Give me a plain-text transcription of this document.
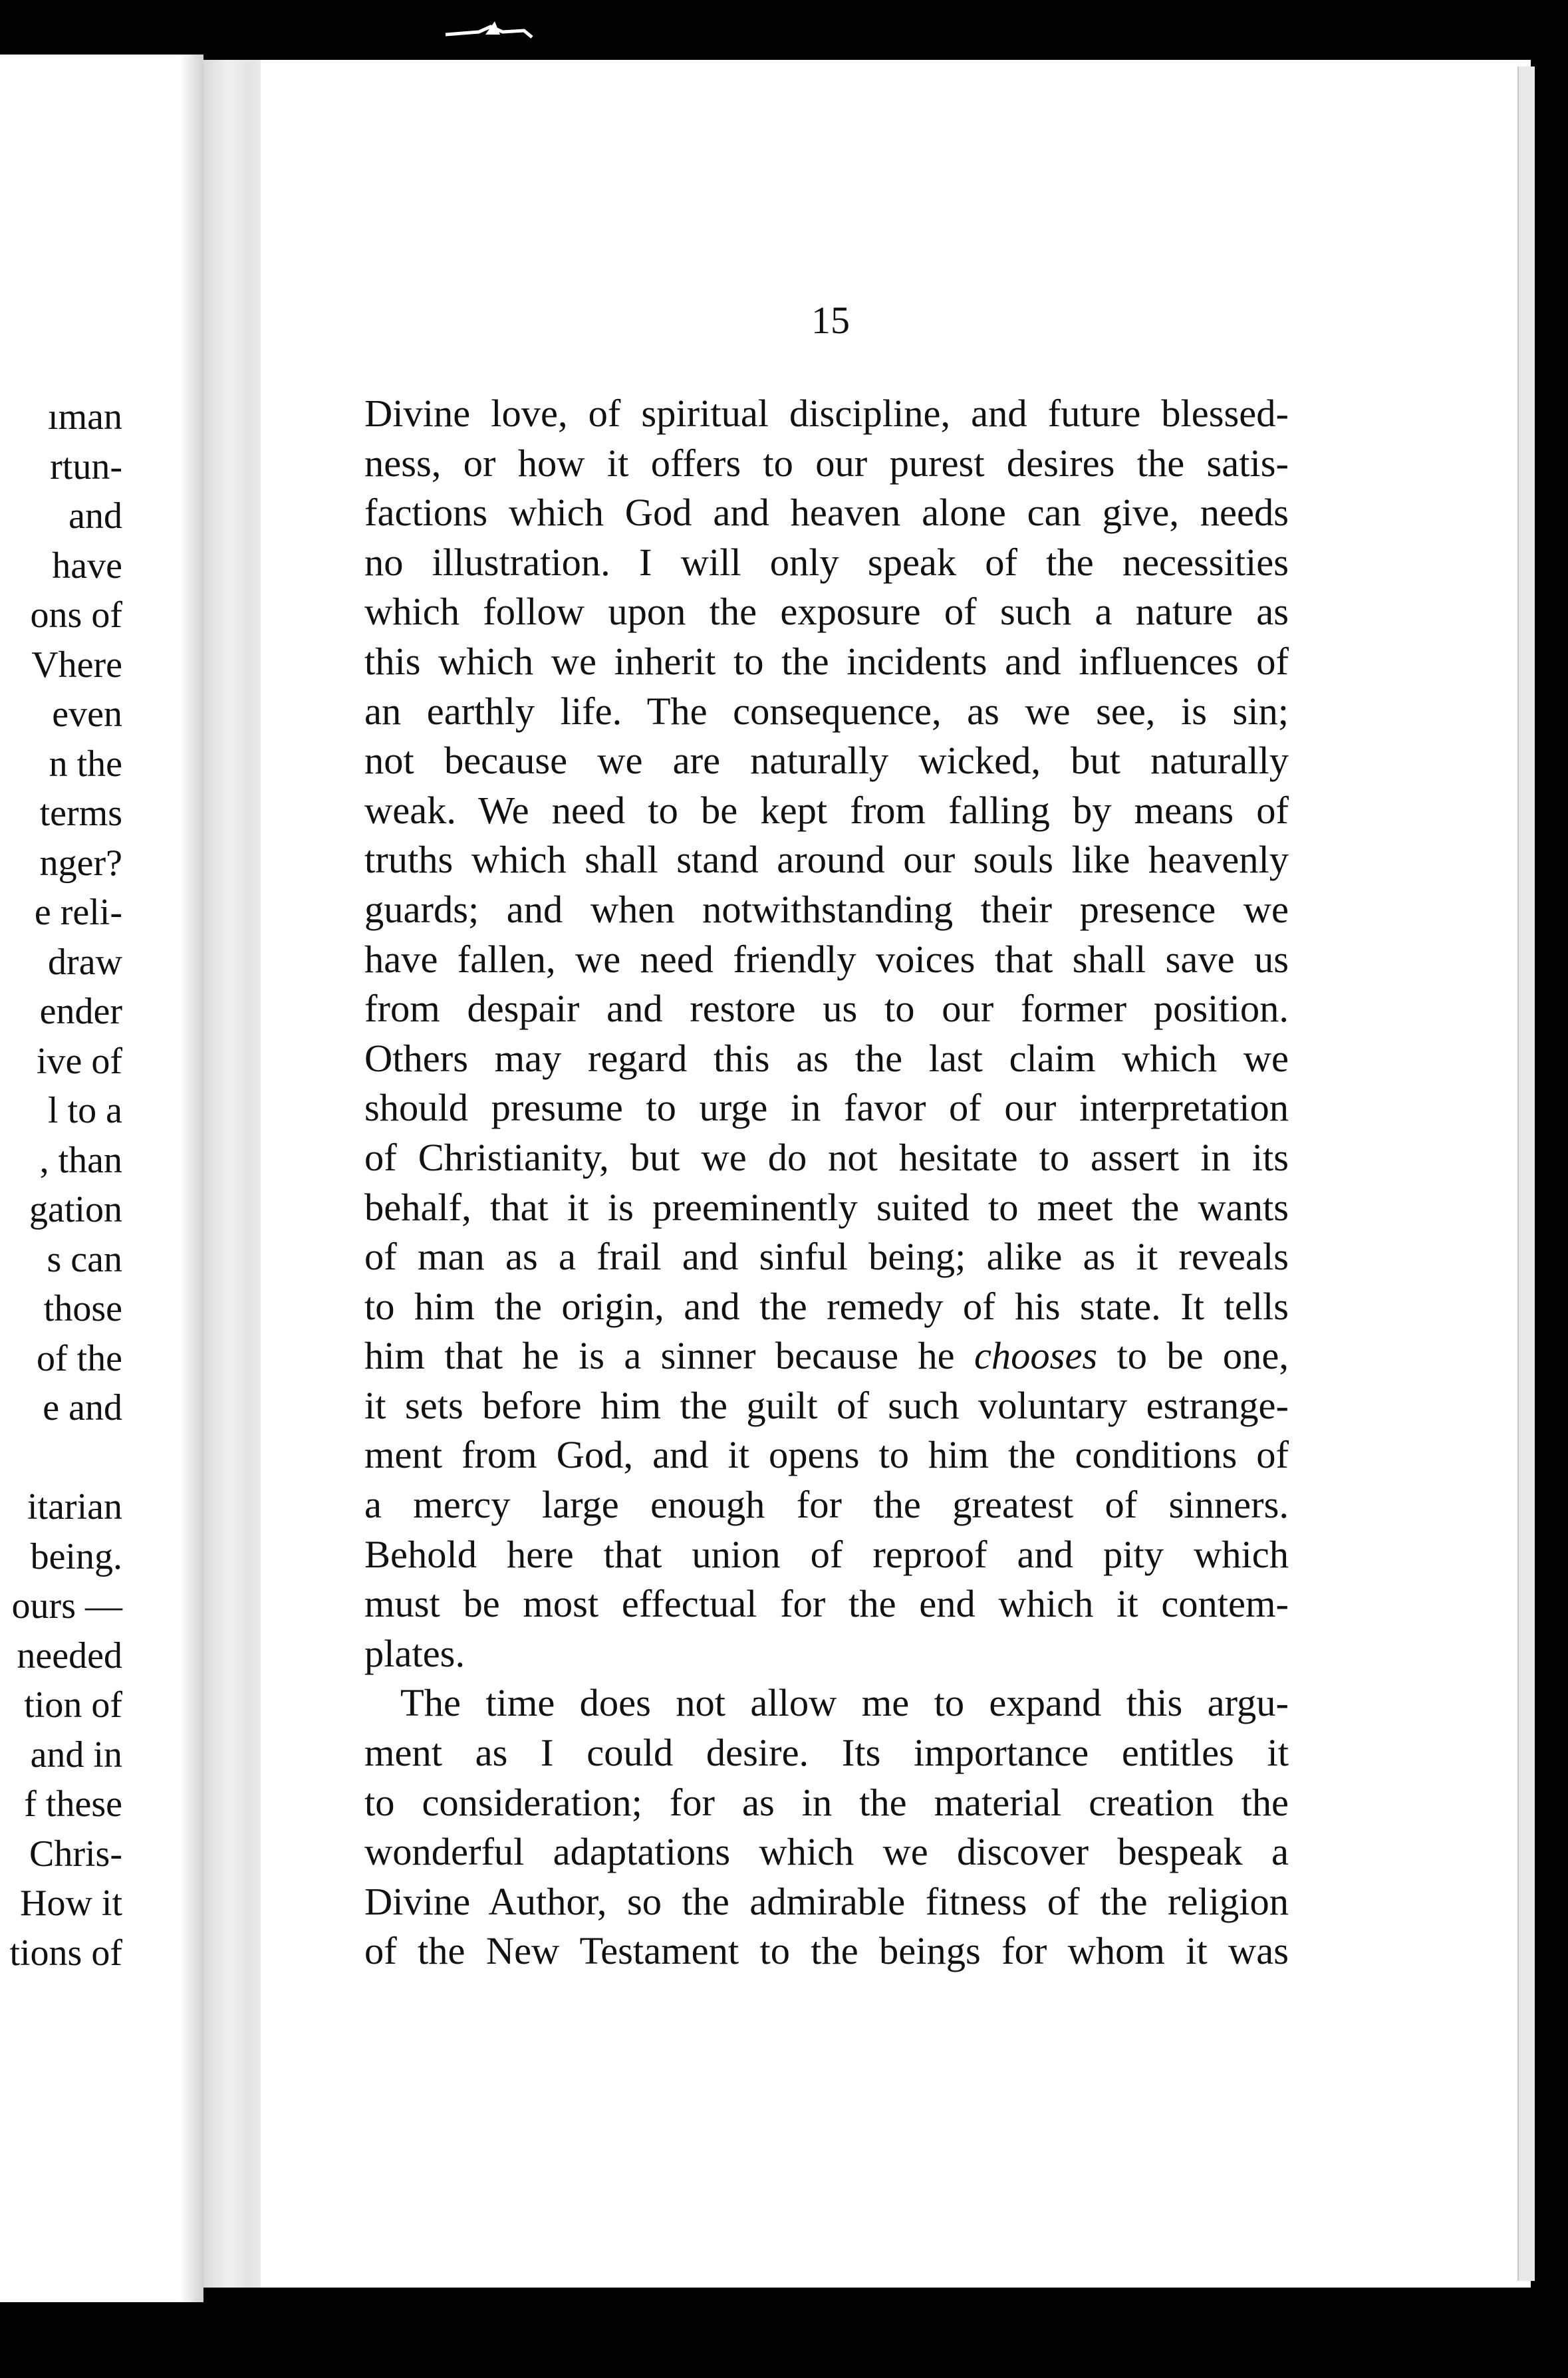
ıman
rtun-
and
have
ons of
Vhere
even
n the
terms
nger?
e reli-
draw
ender
ive of
l to a
, than
gation
s can
those
of the
e and
itarian
being.
ours —
needed
tion of
and in
f these
Chris-
How it
tions of
15
Divine love, of spiritual discipline, and future blessed-
ness, or how it offers to our purest desires the satis-
factions which God and heaven alone can give, needs
no illustration. I will only speak of the necessities
which follow upon the exposure of such a nature as
this which we inherit to the incidents and influences of
an earthly life. The consequence, as we see, is sin;
not because we are naturally wicked, but naturally
weak. We need to be kept from falling by means of
truths which shall stand around our souls like heavenly
guards; and when notwithstanding their presence we
have fallen, we need friendly voices that shall save us
from despair and restore us to our former position.
Others may regard this as the last claim which we
should presume to urge in favor of our interpretation
of Christianity, but we do not hesitate to assert in its
behalf, that it is preeminently suited to meet the wants
of man as a frail and sinful being; alike as it reveals
to him the origin, and the remedy of his state. It tells
him that he is a sinner because he chooses to be one,
it sets before him the guilt of such voluntary estrange-
ment from God, and it opens to him the conditions of
a mercy large enough for the greatest of sinners.
Behold here that union of reproof and pity which
must be most effectual for the end which it contem-
plates.
The time does not allow me to expand this argu-
ment as I could desire. Its importance entitles it
to consideration; for as in the material creation the
wonderful adaptations which we discover bespeak a
Divine Author, so the admirable fitness of the religion
of the New Testament to the beings for whom it was
